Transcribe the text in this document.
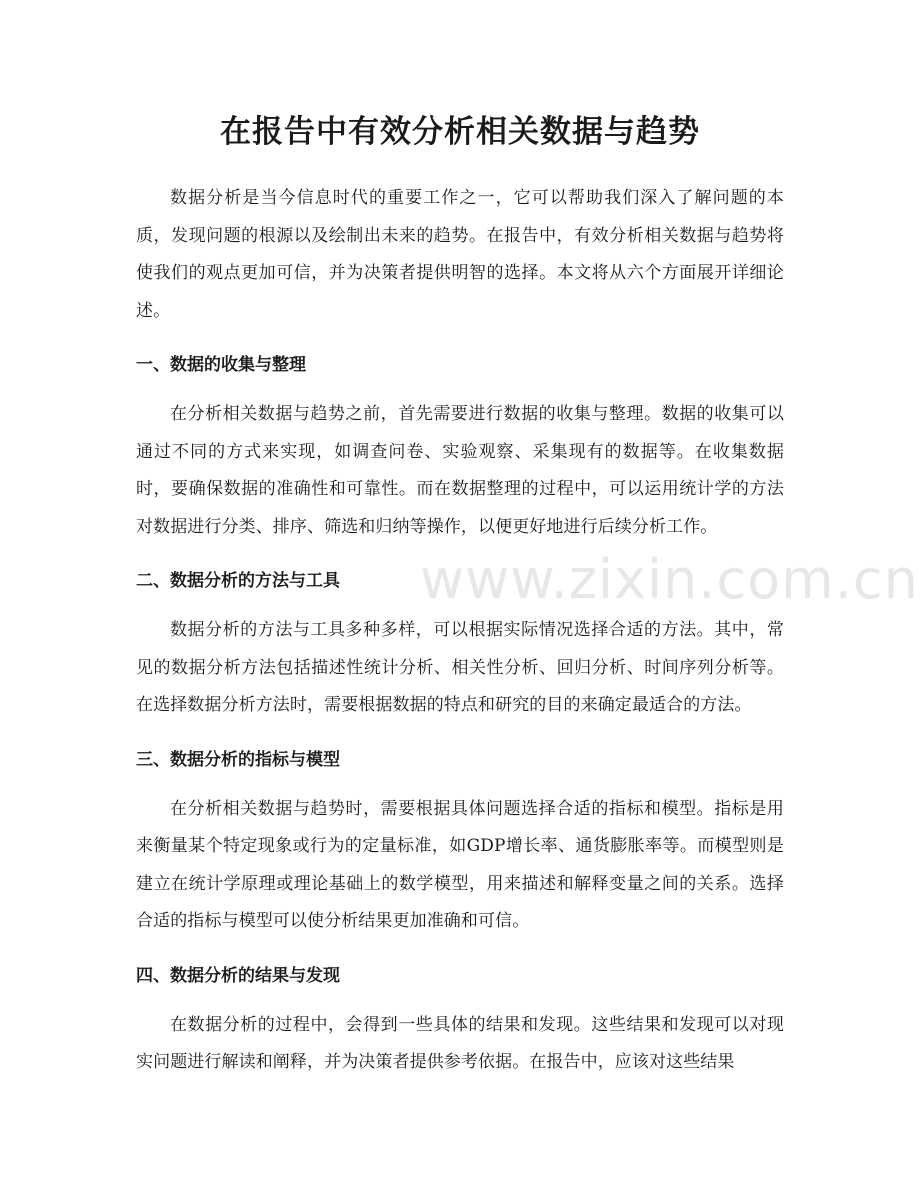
在报告中有效分析相关数据与趋势

数据分析是当今信息时代的重要工作之一，它可以帮助我们深入了解问题的本质，发现问题的根源以及绘制出未来的趋势。在报告中，有效分析相关数据与趋势将使我们的观点更加可信，并为决策者提供明智的选择。本文将从六个方面展开详细论述。

一、数据的收集与整理

在分析相关数据与趋势之前，首先需要进行数据的收集与整理。数据的收集可以通过不同的方式来实现，如调查问卷、实验观察、采集现有的数据等。在收集数据时，要确保数据的准确性和可靠性。而在数据整理的过程中，可以运用统计学的方法对数据进行分类、排序、筛选和归纳等操作，以便更好地进行后续分析工作。

二、数据分析的方法与工具

数据分析的方法与工具多种多样，可以根据实际情况选择合适的方法。其中，常见的数据分析方法包括描述性统计分析、相关性分析、回归分析、时间序列分析等。在选择数据分析方法时，需要根据数据的特点和研究的目的来确定最适合的方法。

三、数据分析的指标与模型

在分析相关数据与趋势时，需要根据具体问题选择合适的指标和模型。指标是用来衡量某个特定现象或行为的定量标准，如GDP增长率、通货膨胀率等。而模型则是建立在统计学原理或理论基础上的数学模型，用来描述和解释变量之间的关系。选择合适的指标与模型可以使分析结果更加准确和可信。

四、数据分析的结果与发现

在数据分析的过程中，会得到一些具体的结果和发现。这些结果和发现可以对现实问题进行解读和阐释，并为决策者提供参考依据。在报告中，应该对这些结果

www.zixin.com.cn
